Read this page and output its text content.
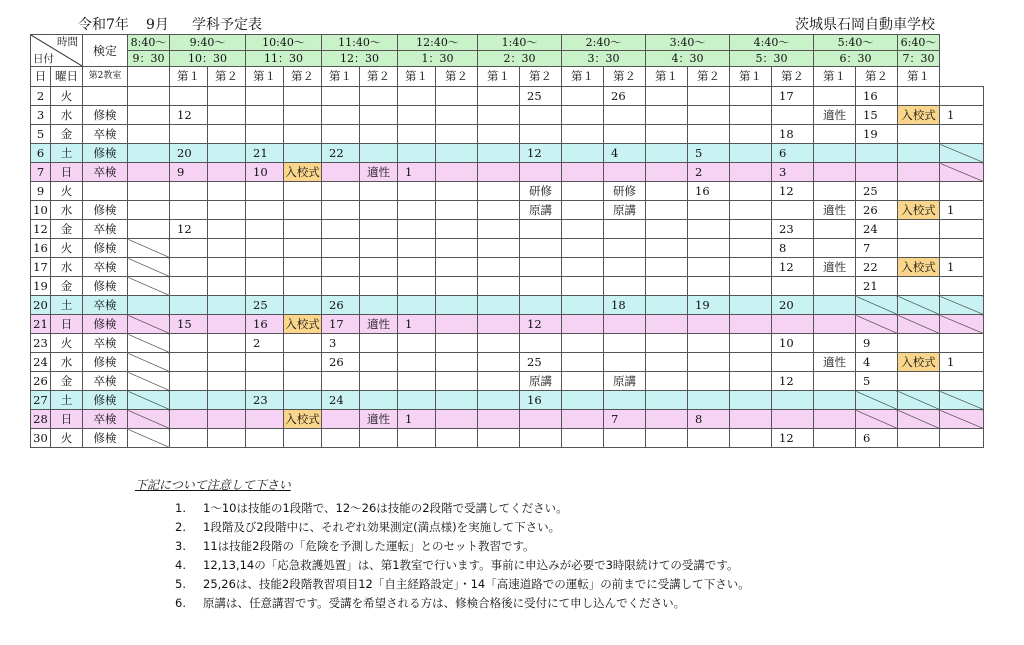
令和7年 9月 学科予定表	茨城県石岡自動車学校
時間
日付		検定	8:40～	9:40～		10:40～		11:40～		12:40～		1:40～		2:40～		3:40～		4:40～		5:40～		6:40～	
			9：30	10：30		11：30		12：30		1：30		2：30		3：30		4：30		5：30		6：30		7：30	
日	曜日	第2教室		第１	第２	第１	第２	第１	第２	第１	第２	第１	第２	第１	第２	第１	第２	第１	第２	第１	第２	第１	
2	火												25		26				17		16		
3	水	修検		12																適性	15	入校式	1
5	金	卒検																	18		19		
6	土	修検		20		21		22					12		4		5		6				
7	日	卒検		9		10	入校式		適性	1							2		3				
9	火												研修		研修		16		12		25		
10	水	修検											原講		原講					適性	26	入校式	1
12	金	卒検		12															23		24		
16	火	修検																	8		7		
17	水	卒検																	12	適性	22	入校式	1
19	金	修検																			21		
20	土	卒検				25		26							18		19		20				
21	日	修検		15		16	入校式	17	適性	1			12										
23	火	卒検				2		3											10		9		
24	水	修検						26					25							適性	4	入校式	1
26	金	卒検											原講		原講				12		5		
27	土	修検				23		24					16										
28	日	卒検					入校式		適性	1					7		8						
30	火	修検																	12		6		
下記について注意して下さい
1. 1～10は技能の1段階で、12～26は技能の2段階で受講してください。
2. 1段階及び2段階中に、それぞれ効果測定(満点様)を実施して下さい。
3. 11は技能2段階の「危険を予測した運転」とのセット教習です。
4. 12,13,14の「応急救護処置」は、第1教室で行います。事前に申込みが必要で3時限続けての受講です。
5. 25,26は、技能2段階教習項目12「自主経路設定」・14「高速道路での運転」の前までに受講して下さい。
6. 原講は、任意講習です。受講を希望される方は、修検合格後に受付にて申し込んでください。
